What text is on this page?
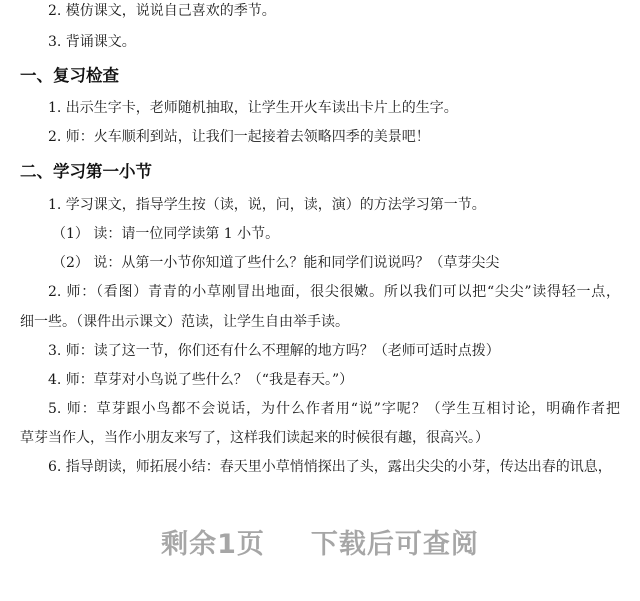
2. 模仿课文，说说自己喜欢的季节。
3. 背诵课文。
一、复习检查
1. 出示生字卡，老师随机抽取，让学生开火车读出卡片上的生字。
2. 师：火车顺利到站，让我们一起接着去领略四季的美景吧！
二、学习第一小节
1. 学习课文，指导学生按（读，说，问，读，演）的方法学习第一节。
（1） 读：请一位同学读第 1 小节。
（2） 说：从第一小节你知道了些什么？能和同学们说说吗？（草芽尖尖
2. 师：（看图）青青的小草刚冒出地面，很尖很嫩。所以我们可以把“尖尖”读得轻一点，
细一些。（课件出示课文）范读，让学生自由举手读。
3. 师：读了这一节，你们还有什么不理解的地方吗？（老师可适时点拨）
4. 师：草芽对小鸟说了些什么？（“我是春天。”）
5. 师：草芽跟小鸟都不会说话，为什么作者用“说”字呢？（学生互相讨论，明确作者把
草芽当作人，当作小朋友来写了，这样我们读起来的时候很有趣，很高兴。）
6. 指导朗读，师拓展小结：春天里小草悄悄探出了头，露出尖尖的小芽，传达出春的讯息，
剩余1页 下载后可查阅
